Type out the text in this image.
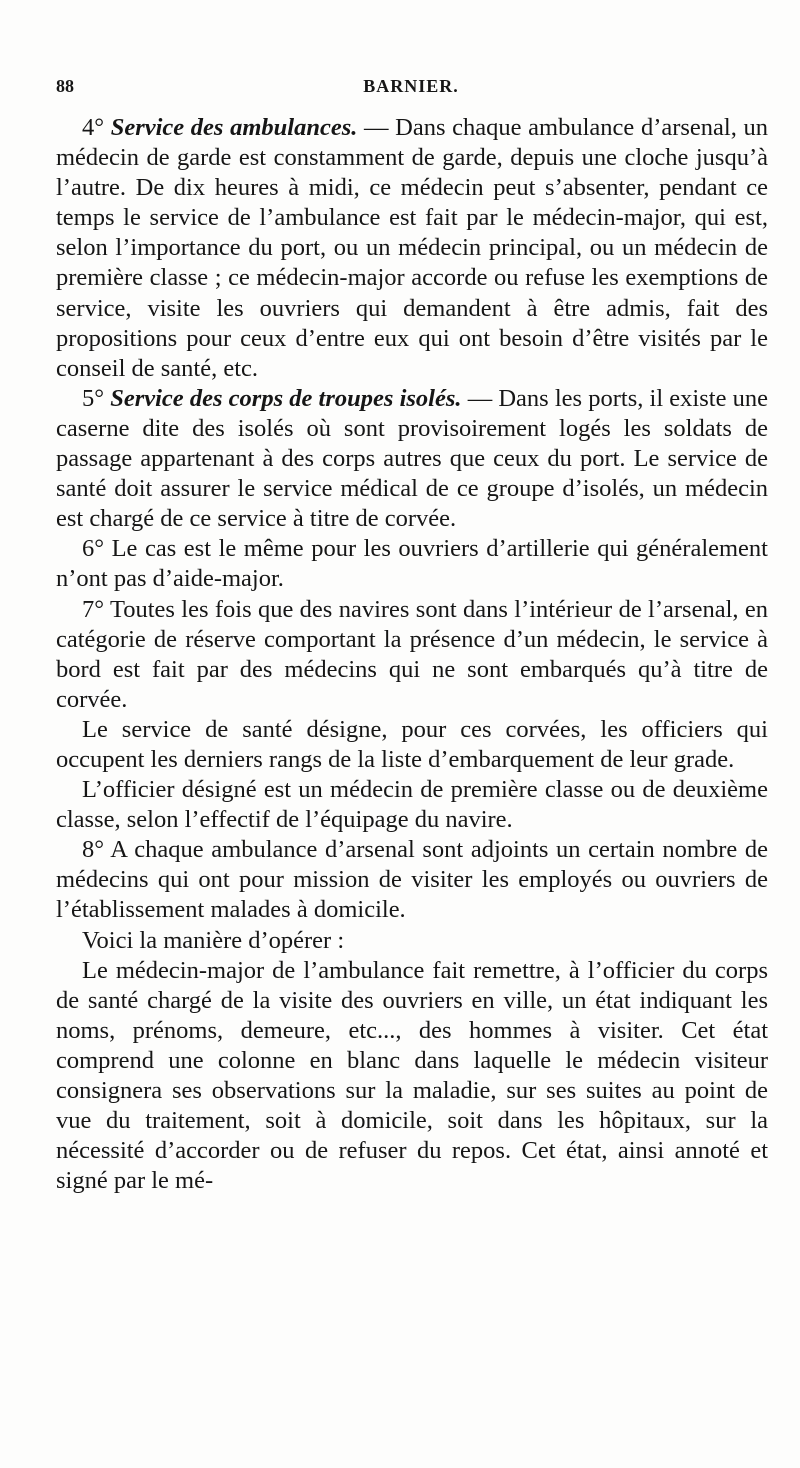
88	BARNIER.

4° Service des ambulances. — Dans chaque ambulance d’arsenal, un médecin de garde est constamment de garde, depuis une cloche jusqu’à l’autre. De dix heures à midi, ce médecin peut s’absenter, pendant ce temps le service de l’ambulance est fait par le médecin-major, qui est, selon l’importance du port, ou un médecin principal, ou un médecin de première classe ; ce médecin-major accorde ou refuse les exemptions de service, visite les ouvriers qui demandent à être admis, fait des propositions pour ceux d’entre eux qui ont besoin d’être visités par le conseil de santé, etc.

5° Service des corps de troupes isolés. — Dans les ports, il existe une caserne dite des isolés où sont provisoirement logés les soldats de passage appartenant à des corps autres que ceux du port. Le service de santé doit assurer le service médical de ce groupe d’isolés, un médecin est chargé de ce service à titre de corvée.

6° Le cas est le même pour les ouvriers d’artillerie qui généralement n’ont pas d’aide-major.

7° Toutes les fois que des navires sont dans l’intérieur de l’arsenal, en catégorie de réserve comportant la présence d’un médecin, le service à bord est fait par des médecins qui ne sont embarqués qu’à titre de corvée.

Le service de santé désigne, pour ces corvées, les officiers qui occupent les derniers rangs de la liste d’embarquement de leur grade.

L’officier désigné est un médecin de première classe ou de deuxième classe, selon l’effectif de l’équipage du navire.

8° A chaque ambulance d’arsenal sont adjoints un certain nombre de médecins qui ont pour mission de visiter les employés ou ouvriers de l’établissement malades à domicile.

Voici la manière d’opérer :

Le médecin-major de l’ambulance fait remettre, à l’officier du corps de santé chargé de la visite des ouvriers en ville, un état indiquant les noms, prénoms, demeure, etc..., des hommes à visiter. Cet état comprend une colonne en blanc dans laquelle le médecin visiteur consignera ses observations sur la maladie, sur ses suites au point de vue du traitement, soit à domicile, soit dans les hôpitaux, sur la nécessité d’accorder ou de refuser du repos. Cet état, ainsi annoté et signé par le mé-
